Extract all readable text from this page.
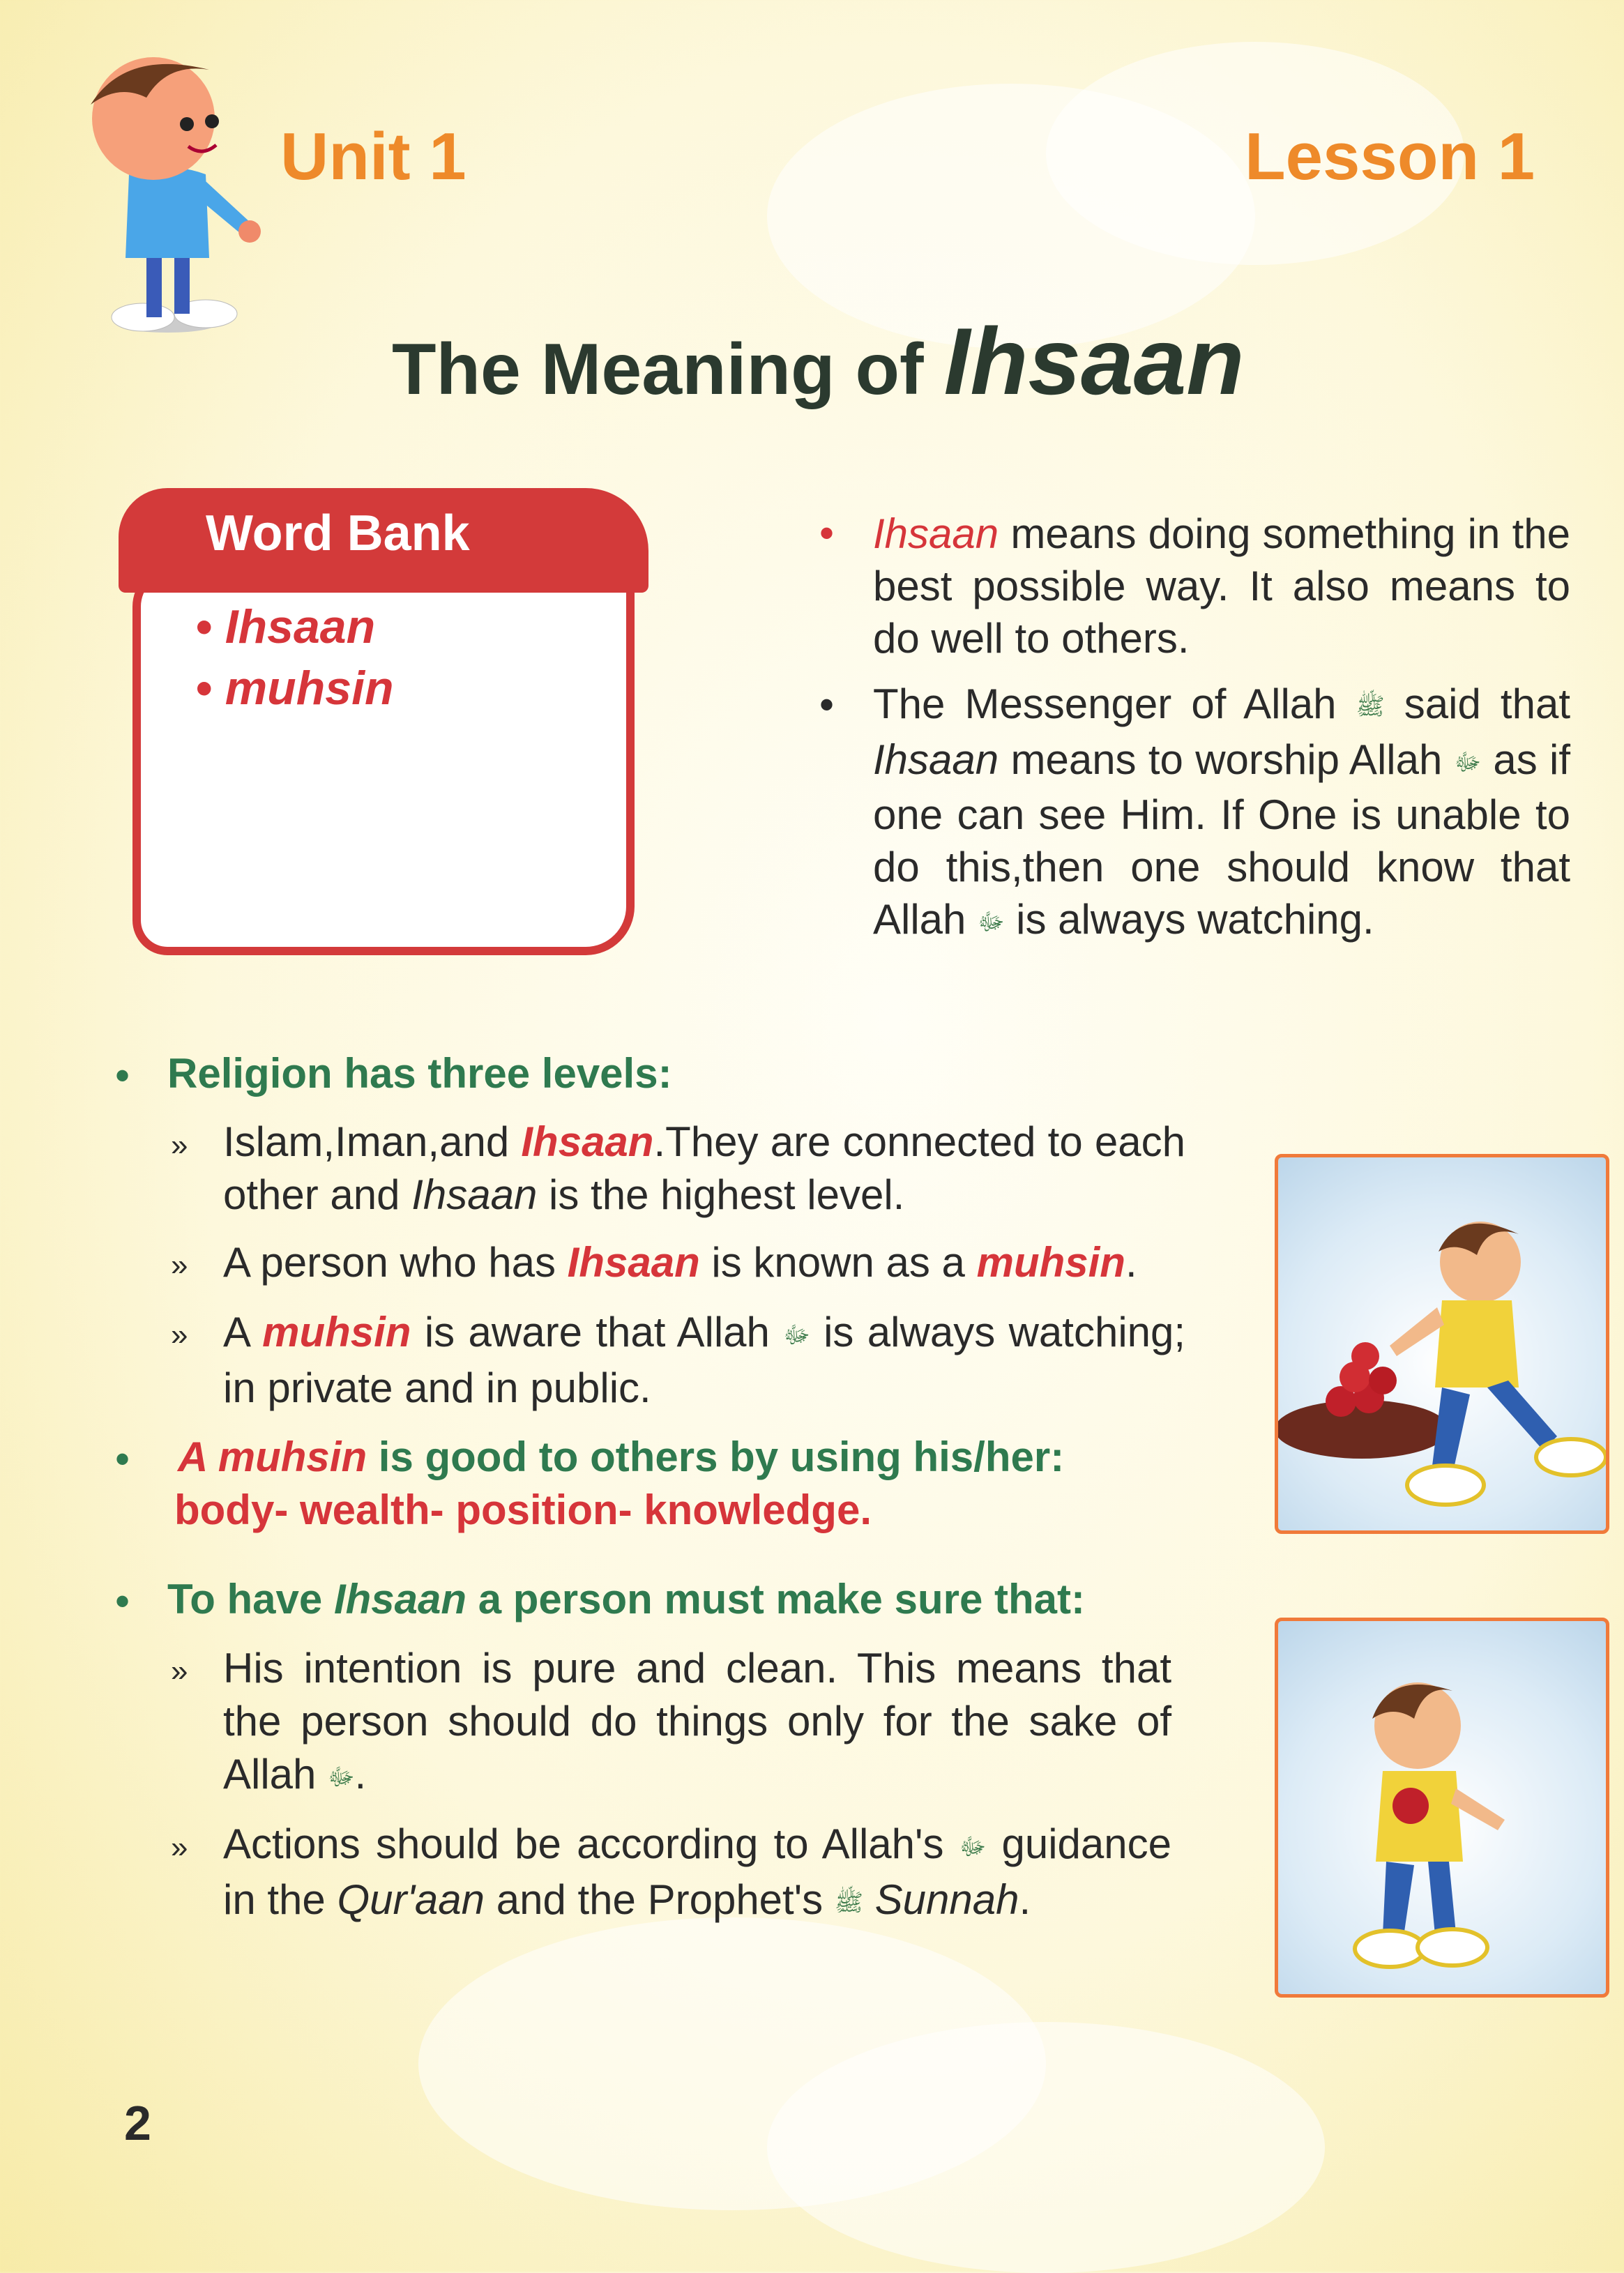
Unit 1	Lesson 1
The Meaning of Ihsaan
Word Bank
• Ihsaan
• muhsin
• Ihsaan means doing something in the best possible way. It also means to do well to others.
• The Messenger of Allah ﷺ said that Ihsaan means to worship Allah ﷻ as if one can see Him. If One is unable to do this,then one should know that Allah ﷻ is always watching.
• Religion has three levels:
» Islam,Iman,and Ihsaan.They are connected to each other and Ihsaan is the highest level.
» A person who has Ihsaan is known as a muhsin.
» A muhsin is aware that Allah ﷻ is always watching; in private and in public.
• A muhsin is good to others by using his/her:
body- wealth- position- knowledge.
• To have Ihsaan a person must make sure that:
» His intention is pure and clean. This means that the person should do things only for the sake of Allah ﷻ.
» Actions should be according to Allah's ﷻ guidance in the Qur'aan and the Prophet's ﷺ Sunnah.
2
